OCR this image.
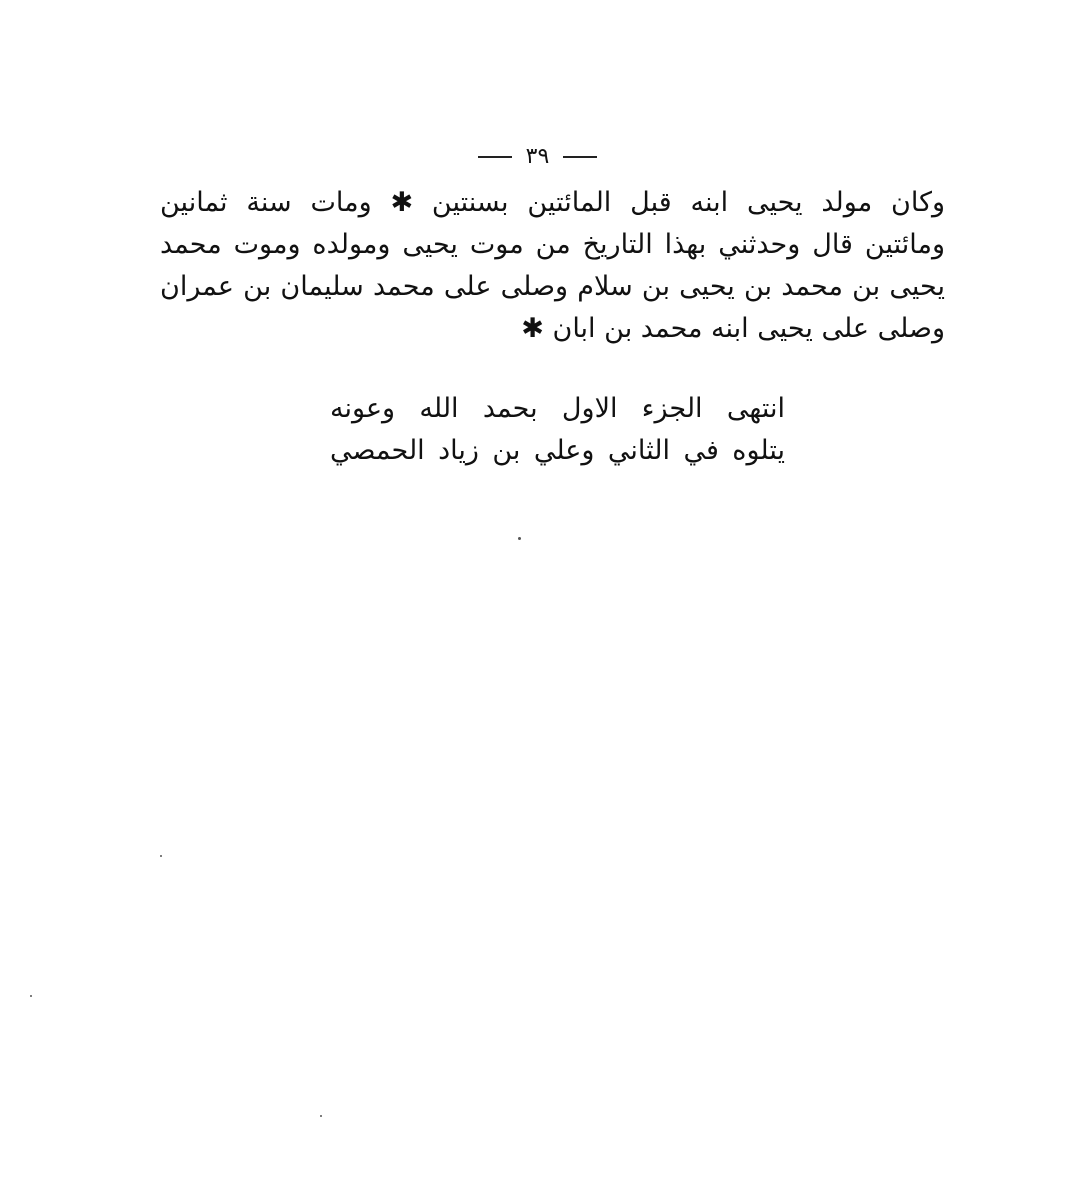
٣٩
وكان مولد يحيى ابنه قبل المائتين بسنتين ✱ ومات سنة ثمانين
ومائتين قال وحدثني بهذا التاريخ من موت يحيى ومولده وموت محمد
يحيى بن محمد بن يحيى بن سلام وصلى على محمد سليمان بن عمران
وصلى على يحيى ابنه محمد بن ابان ✱
انتهى الجزء الاول بحمد الله وعونه
يتلوه في الثاني وعلي بن زياد الحمصي
